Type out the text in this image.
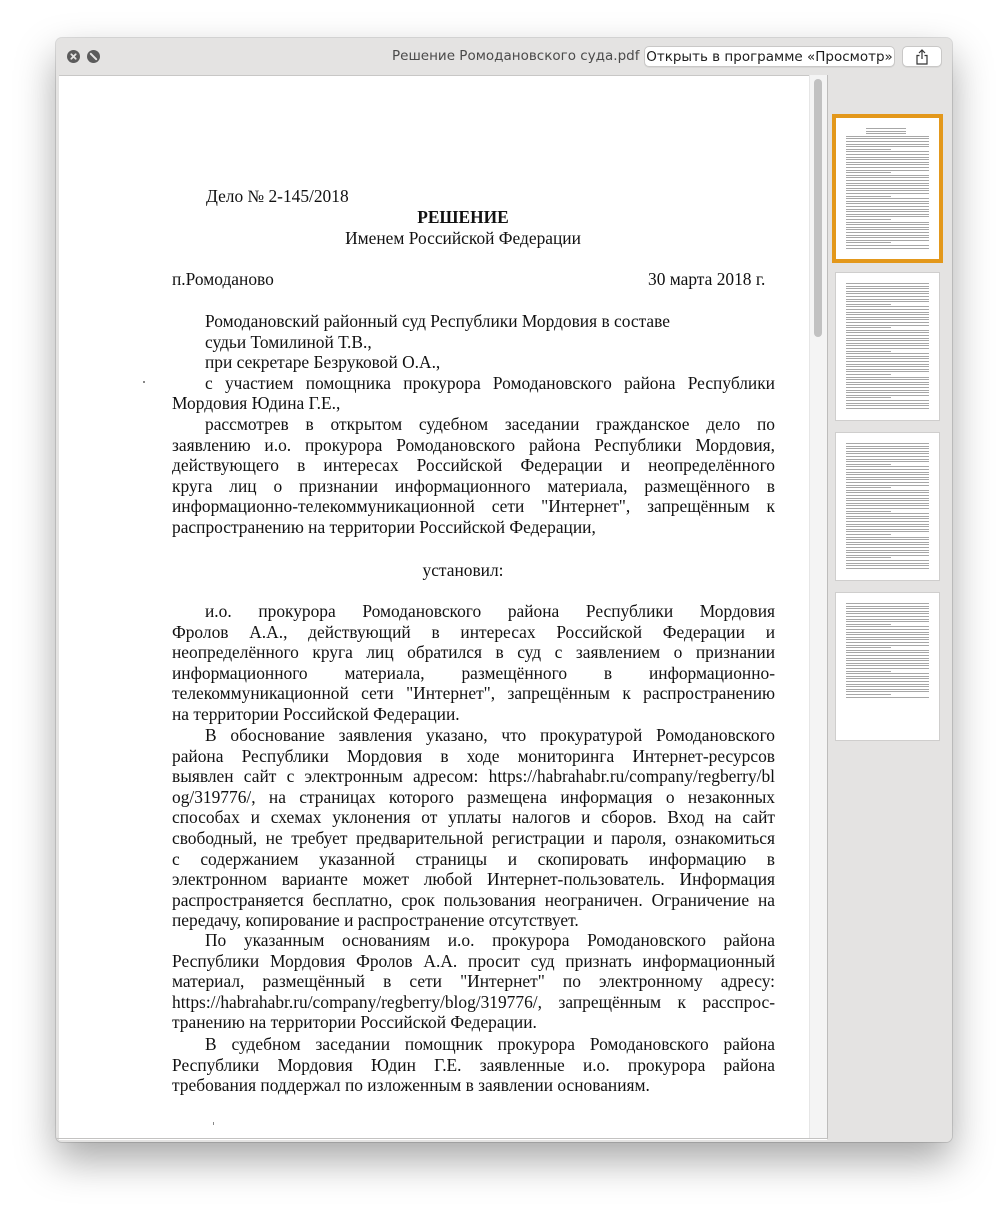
Решение Ромодановского суда.pdf Открыть в программе «Просмотр»
Дело № 2-145/2018
РЕШЕНИЕ
Именем Российской Федерации
п.Ромоданово	30 марта 2018 г.
Ромодановский районный суд Республики Мордовия в составе
судьи Томилиной Т.В.,
при секретаре Безруковой О.А.,
с участием помощника прокурора Ромодановского района Республики
Мордовия Юдина Г.Е.,
рассмотрев в открытом судебном заседании гражданское дело по
заявлению и.о. прокурора Ромодановского района Республики Мордовия,
действующего в интересах Российской Федерации и неопределённого
круга лиц о признании информационного материала, размещённого в
информационно-телекоммуникационной сети "Интернет", запрещённым к
распространению на территории Российской Федерации,
установил:
и.о. прокурора Ромодановского района Республики Мордовия
Фролов А.А., действующий в интересах Российской Федерации и
неопределённого круга лиц обратился в суд с заявлением о признании
информационного материала, размещённого в информационно-
телекоммуникационной сети "Интернет", запрещённым к распространению
на территории Российской Федерации.
В обоснование заявления указано, что прокуратурой Ромодановского
района Республики Мордовия в ходе мониторинга Интернет-ресурсов
выявлен сайт с электронным адресом: https://habrahabr.ru/company/regberry/bl
og/319776/, на страницах которого размещена информация о незаконных
способах и схемах уклонения от уплаты налогов и сборов. Вход на сайт
свободный, не требует предварительной регистрации и пароля, ознакомиться
с содержанием указанной страницы и скопировать информацию в
электронном варианте может любой Интернет-пользователь. Информация
распространяется бесплатно, срок пользования неограничен. Ограничение на
передачу, копирование и распространение отсутствует.
По указанным основаниям и.о. прокурора Ромодановского района
Республики Мордовия Фролов А.А. просит суд признать информационный
материал, размещённый в сети "Интернет" по электронному адресу:
https://habrahabr.ru/company/regberry/blog/319776/, запрещённым к расспрос-
транению на территории Российской Федерации.
В судебном заседании помощник прокурора Ромодановского района
Республики Мордовия Юдин Г.Е. заявленные и.о. прокурора района
требования поддержал по изложенным в заявлении основаниям.
